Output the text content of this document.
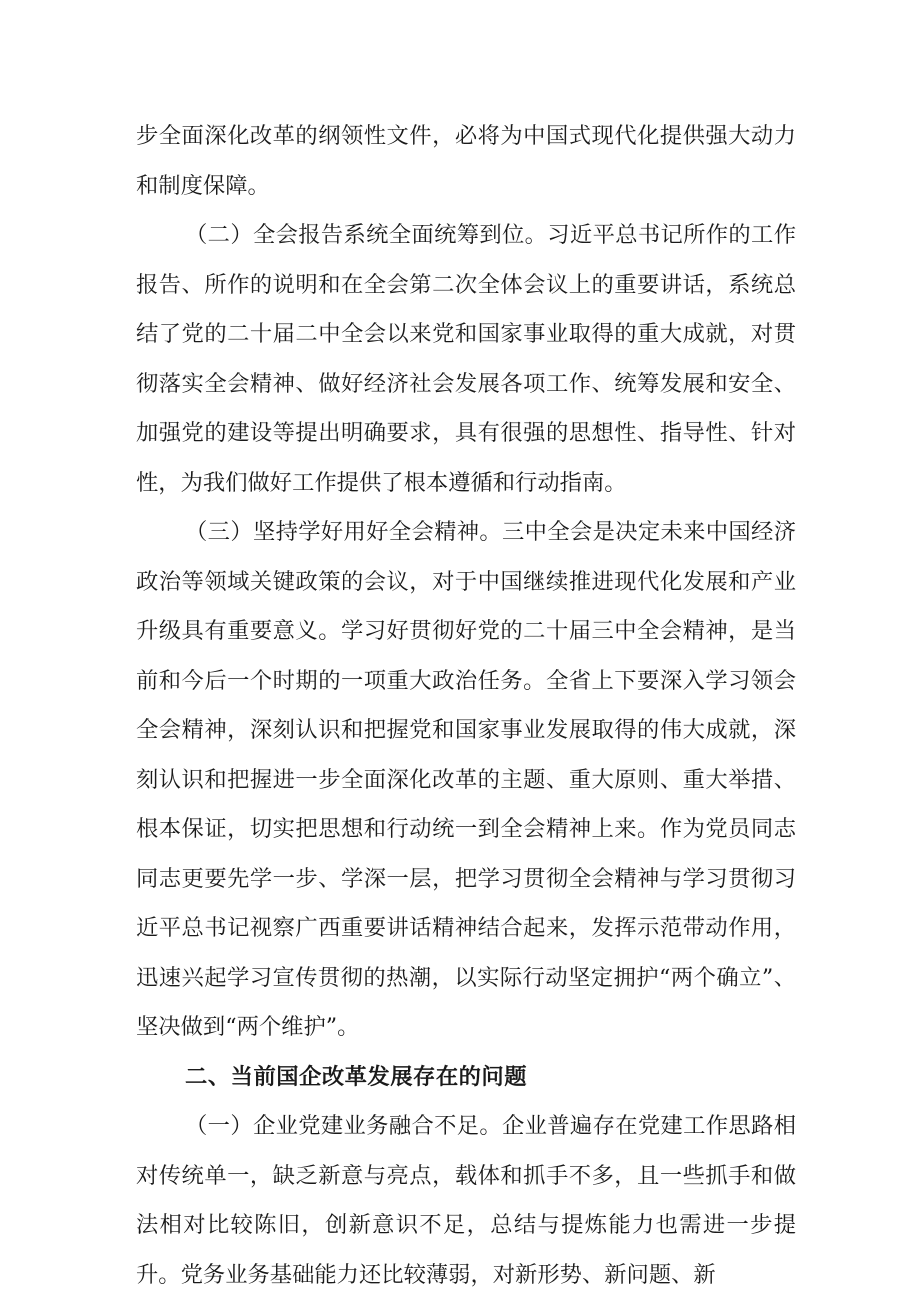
步全面深化改革的纲领性文件，必将为中国式现代化提供强大动力和制度保障。

（二）全会报告系统全面统筹到位。习近平总书记所作的工作报告、所作的说明和在全会第二次全体会议上的重要讲话，系统总结了党的二十届二中全会以来党和国家事业取得的重大成就，对贯彻落实全会精神、做好经济社会发展各项工作、统筹发展和安全、加强党的建设等提出明确要求，具有很强的思想性、指导性、针对性，为我们做好工作提供了根本遵循和行动指南。

（三）坚持学好用好全会精神。三中全会是决定未来中国经济政治等领域关键政策的会议，对于中国继续推进现代化发展和产业升级具有重要意义。学习好贯彻好党的二十届三中全会精神，是当前和今后一个时期的一项重大政治任务。全省上下要深入学习领会全会精神，深刻认识和把握党和国家事业发展取得的伟大成就，深刻认识和把握进一步全面深化改革的主题、重大原则、重大举措、根本保证，切实把思想和行动统一到全会精神上来。作为党员同志同志更要先学一步、学深一层，把学习贯彻全会精神与学习贯彻习近平总书记视察广西重要讲话精神结合起来，发挥示范带动作用，迅速兴起学习宣传贯彻的热潮，以实际行动坚定拥护“两个确立”、坚决做到“两个维护”。

二、当前国企改革发展存在的问题

（一）企业党建业务融合不足。企业普遍存在党建工作思路相对传统单一，缺乏新意与亮点，载体和抓手不多，且一些抓手和做法相对比较陈旧，创新意识不足，总结与提炼能力也需进一步提升。党务业务基础能力还比较薄弱，对新形势、新问题、新
